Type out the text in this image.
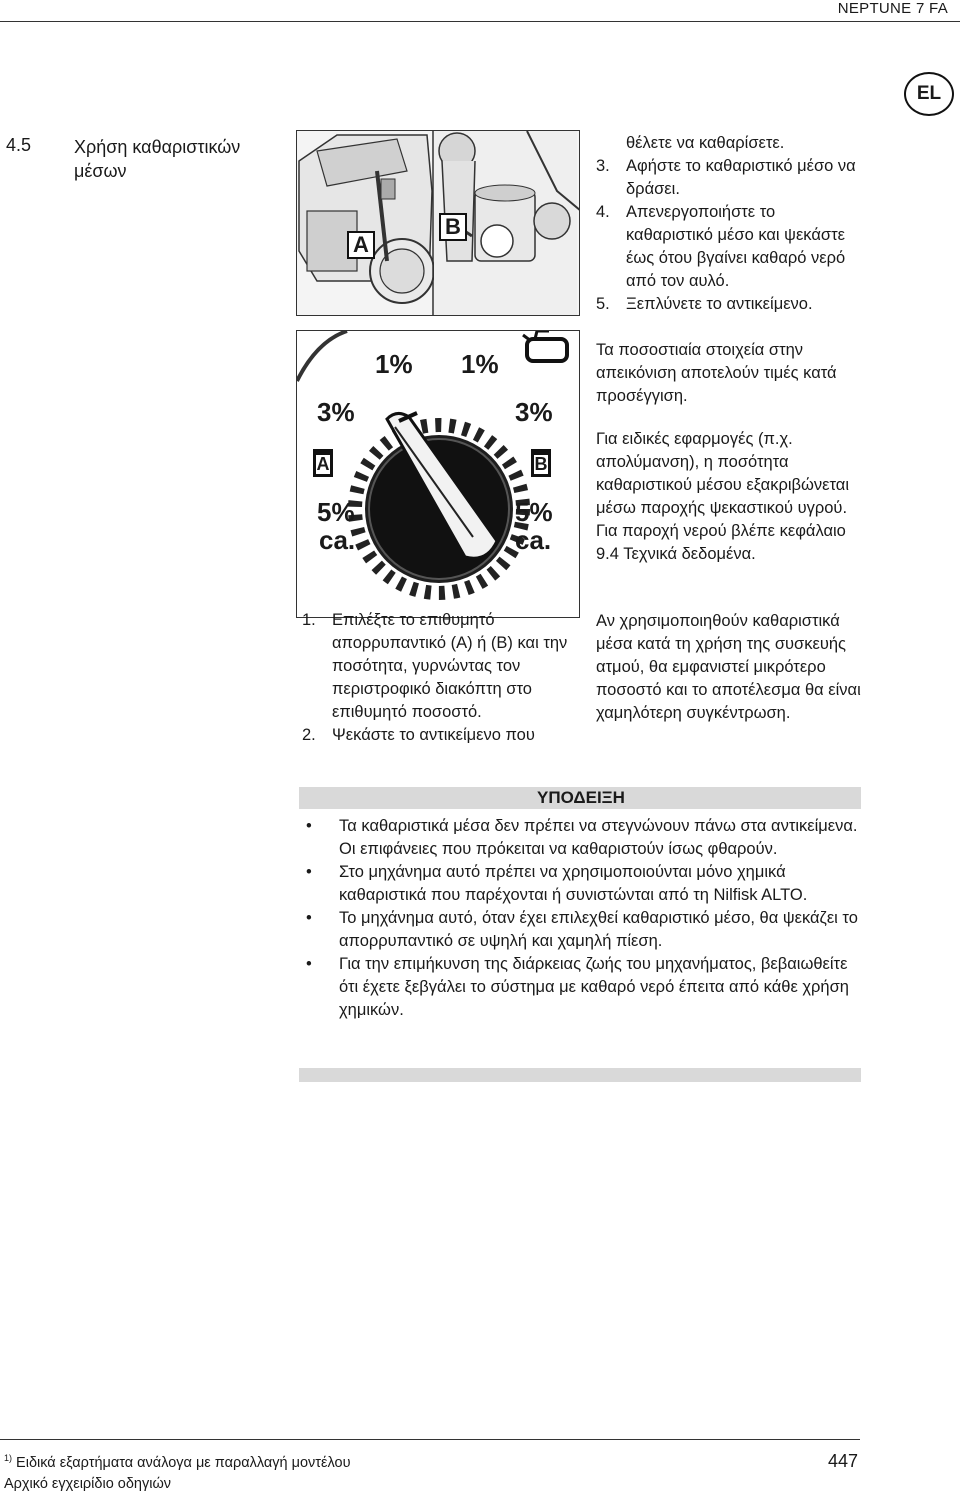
NEPTUNE 7 FA
EL
4.5 Χρήση καθαριστικών
μέσων
A
B
1% 1%
3%	3%
A	B
5%	5%
ca.	ca.
1. Επιλέξτε το επιθυμητό απορρυπαντικό (A) ή (B) και την ποσότητα, γυρνώντας τον περιστροφικό διακόπτη στο επιθυμητό ποσοστό.
2. Ψεκάστε το αντικείμενο που
θέλετε να καθαρίσετε.
3. Αφήστε το καθαριστικό μέσο να δράσει.
4. Απενεργοποιήστε το καθαριστικό μέσο και ψεκάστε έως ότου βγαίνει καθαρό νερό από τον αυλό.
5. Ξεπλύνετε το αντικείμενο.
Τα ποσοστιαία στοιχεία στην απεικόνιση αποτελούν τιμές κατά προσέγγιση.
Για ειδικές εφαρμογές (π.χ. απολύμανση), η ποσότητα καθαριστικού μέσου εξακριβώνεται μέσω παροχής ψεκαστικού υγρού. Για παροχή νερού βλέπε κεφάλαιο 9.4 Τεχνικά δεδομένα.
Αν χρησιμοποιηθούν καθαριστικά μέσα κατά τη χρήση της συσκευής ατμού, θα εμφανιστεί μικρότερο ποσοστό και το αποτέλεσμα θα είναι χαμηλότερη συγκέντρωση.
ΥΠΟΔΕΙΞΗ
• Τα καθαριστικά μέσα δεν πρέπει να στεγνώνουν πάνω στα αντικείμενα. Οι επιφάνειες που πρόκειται να καθαριστούν ίσως φθαρούν.
• Στο μηχάνημα αυτό πρέπει να χρησιμοποιούνται μόνο χημικά καθαριστικά που παρέχονται ή συνιστώνται από τη Nilfisk ALTO.
• Το μηχάνημα αυτό, όταν έχει επιλεχθεί καθαριστικό μέσο, θα ψεκάζει το απορρυπαντικό σε υψηλή και χαμηλή πίεση.
• Για την επιμήκυνση της διάρκειας ζωής του μηχανήματος, βεβαιωθείτε ότι έχετε ξεβγάλει το σύστημα με καθαρό νερό έπειτα από κάθε χρήση χημικών.
$^{1)}$ Ειδικά εξαρτήματα ανάλογα με παραλλαγή μοντέλου
Αρχικό εγχειρίδιο οδηγιών
447
